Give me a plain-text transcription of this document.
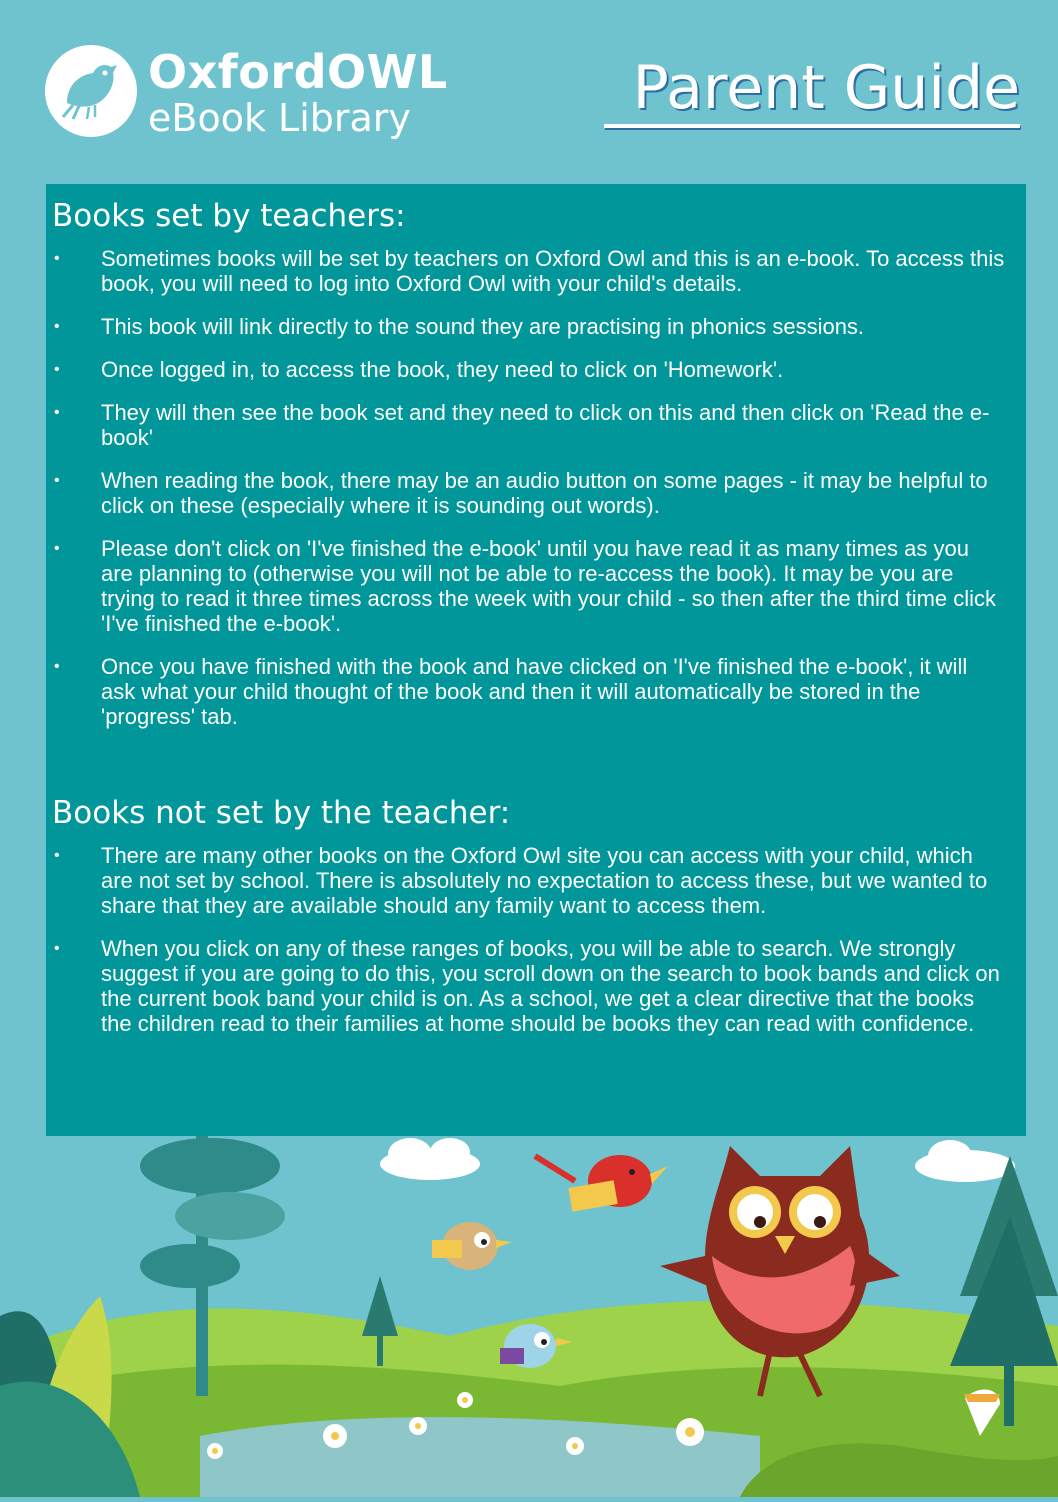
OxfordOWL
eBook Library	Parent Guide
Books set by teachers:
• Sometimes books will be set by teachers on Oxford Owl and this is an e-book. To access this book, you will need to log into Oxford Owl with your child's details.
• This book will link directly to the sound they are practising in phonics sessions.
• Once logged in, to access the book, they need to click on 'Homework'.
• They will then see the book set and they need to click on this and then click on 'Read the e-book'
• When reading the book, there may be an audio button on some pages - it may be helpful to click on these (especially where it is sounding out words).
• Please don't click on 'I've finished the e-book' until you have read it as many times as you are planning to (otherwise you will not be able to re-access the book). It may be you are trying to read it three times across the week with your child - so then after the third time click 'I've finished the e-book'.
• Once you have finished with the book and have clicked on 'I've finished the e-book', it will ask what your child thought of the book and then it will automatically be stored in the 'progress' tab.
Books not set by the teacher:
• There are many other books on the Oxford Owl site you can access with your child, which are not set by school. There is absolutely no expectation to access these, but we wanted to share that they are available should any family want to access them.
• When you click on any of these ranges of books, you will be able to search. We strongly suggest if you are going to do this, you scroll down on the search to book bands and click on the current book band your child is on. As a school, we get a clear directive that the books the children read to their families at home should be books they can read with confidence.
